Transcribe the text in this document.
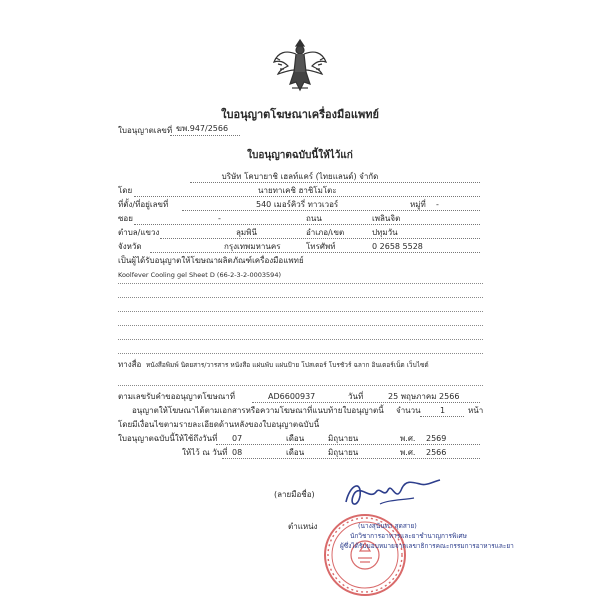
ใบอนุญาตโฆษณาเครื่องมือแพทย์
ใบอนุญาตเลขที่ ฆพ.947/2566
ใบอนุญาตฉบับนี้ให้ไว้แก่
บริษัท โคบายาชิ เฮลท์แคร์ (ไทยแลนด์) จำกัด
โดย	นายทาเคชิ ฮาชิโมโตะ
ที่ตั้ง/ที่อยู่เลขที่	540 เมอร์คิวรี่ ทาวเวอร์	หมู่ที่ -
ซอย	-	ถนน	เพลินจิต
ตำบล/แขวง	ลุมพินี	อำเภอ/เขต	ปทุมวัน
จังหวัด	กรุงเทพมหานคร	โทรศัพท์	0 2658 5528
เป็นผู้ได้รับอนุญาตให้โฆษณาผลิตภัณฑ์เครื่องมือแพทย์
Koolfever Cooling gel Sheet D (66-2-3-2-0003594)
ทางสื่อ หนังสือพิมพ์ นิตยสาร/วารสาร หนังสือ แผ่นพับ แผ่นป้าย โปสเตอร์ โบรชัวร์ ฉลาก อินเตอร์เน็ต เว็บไซต์
ตามเลขรับคำขออนุญาตโฆษณาที่	AD6600937	วันที่	25 พฤษภาคม 2566
อนุญาตให้โฆษณาได้ตามเอกสารหรือความโฆษณาที่แนบท้ายใบอนุญาตนี้ จำนวน 1	หน้า
โดยมีเงื่อนไขตามรายละเอียดด้านหลังของใบอนุญาตฉบับนี้
ใบอนุญาตฉบับนี้ให้ใช้ถึงวันที่ 07	เดือน	มิถุนายน	พ.ศ. 2569
ให้ไว้ ณ วันที่ 08	เดือน	มิถุนายน	พ.ศ. 2566
(ลายมือชื่อ)
ตำแหน่ง	(นางสุนันทา สุดสาย)
นักวิชาการอาหารและยาชำนาญการพิเศษ
ผู้ซึ่งได้รับมอบหมายจากเลขาธิการคณะกรรมการอาหารและยา
